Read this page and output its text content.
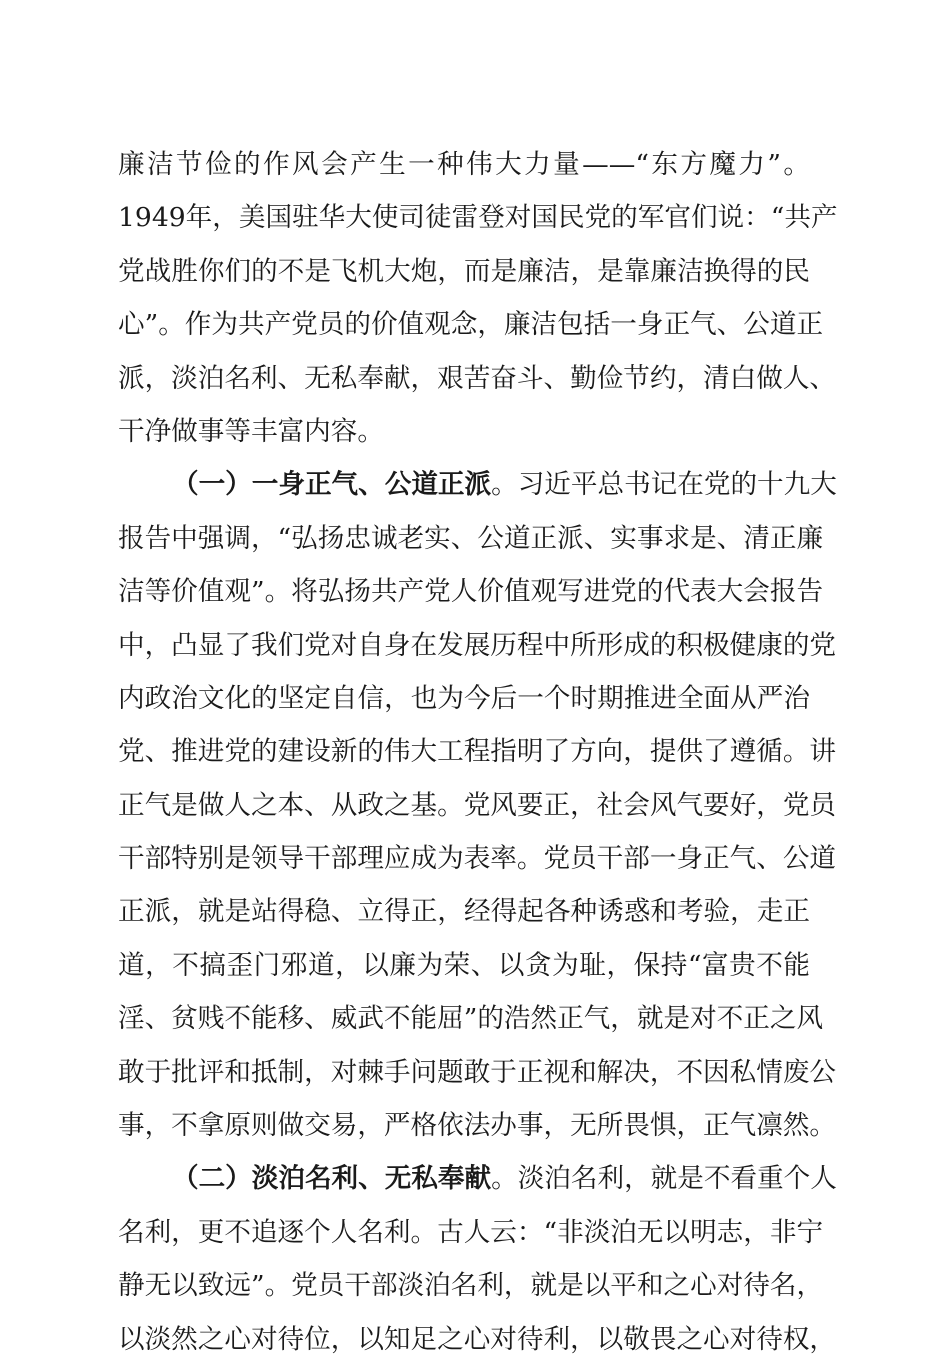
廉洁节俭的作风会产生一种伟大力量——“东方魔力”。
1949年，美国驻华大使司徒雷登对国民党的军官们说：“共产
党战胜你们的不是飞机大炮，而是廉洁，是靠廉洁换得的民
心”。作为共产党员的价值观念，廉洁包括一身正气、公道正
派，淡泊名利、无私奉献，艰苦奋斗、勤俭节约，清白做人、
干净做事等丰富内容。
（一）一身正气、公道正派。习近平总书记在党的十九大
报告中强调，“弘扬忠诚老实、公道正派、实事求是、清正廉
洁等价值观”。将弘扬共产党人价值观写进党的代表大会报告
中，凸显了我们党对自身在发展历程中所形成的积极健康的党
内政治文化的坚定自信，也为今后一个时期推进全面从严治
党、推进党的建设新的伟大工程指明了方向，提供了遵循。讲
正气是做人之本、从政之基。党风要正，社会风气要好，党员
干部特别是领导干部理应成为表率。党员干部一身正气、公道
正派，就是站得稳、立得正，经得起各种诱惑和考验，走正
道，不搞歪门邪道，以廉为荣、以贪为耻，保持“富贵不能
淫、贫贱不能移、威武不能屈”的浩然正气，就是对不正之风
敢于批评和抵制，对棘手问题敢于正视和解决，不因私情废公
事，不拿原则做交易，严格依法办事，无所畏惧，正气凛然。
（二）淡泊名利、无私奉献。淡泊名利，就是不看重个人
名利，更不追逐个人名利。古人云：“非淡泊无以明志，非宁
静无以致远”。党员干部淡泊名利，就是以平和之心对待名，
以淡然之心对待位，以知足之心对待利，以敬畏之心对待权，
